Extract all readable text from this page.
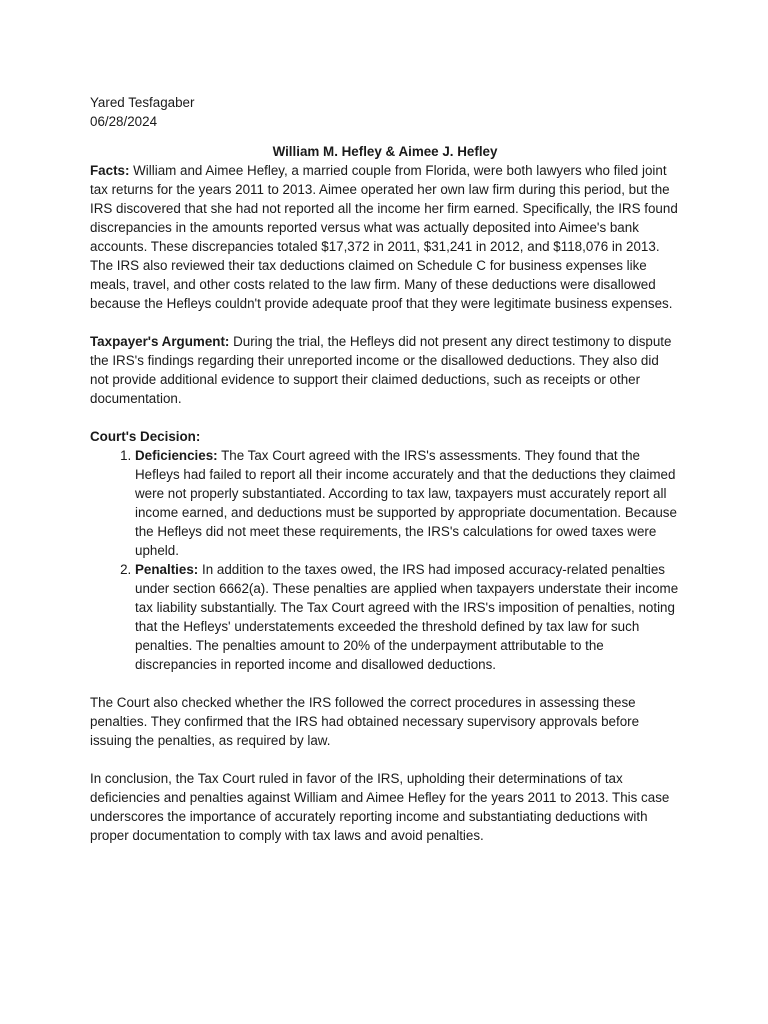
Yared Tesfagaber
06/28/2024
William M. Hefley & Aimee J. Hefley

Facts: William and Aimee Hefley, a married couple from Florida, were both lawyers who filed joint tax returns for the years 2011 to 2013. Aimee operated her own law firm during this period, but the IRS discovered that she had not reported all the income her firm earned. Specifically, the IRS found discrepancies in the amounts reported versus what was actually deposited into Aimee's bank accounts. These discrepancies totaled $17,372 in 2011, $31,241 in 2012, and $118,076 in 2013. The IRS also reviewed their tax deductions claimed on Schedule C for business expenses like meals, travel, and other costs related to the law firm. Many of these deductions were disallowed because the Hefleys couldn't provide adequate proof that they were legitimate business expenses.

Taxpayer's Argument: During the trial, the Hefleys did not present any direct testimony to dispute the IRS's findings regarding their unreported income or the disallowed deductions. They also did not provide additional evidence to support their claimed deductions, such as receipts or other documentation.

Court's Decision:

1. Deficiencies: The Tax Court agreed with the IRS's assessments. They found that the Hefleys had failed to report all their income accurately and that the deductions they claimed were not properly substantiated. According to tax law, taxpayers must accurately report all income earned, and deductions must be supported by appropriate documentation. Because the Hefleys did not meet these requirements, the IRS's calculations for owed taxes were upheld.
2. Penalties: In addition to the taxes owed, the IRS had imposed accuracy-related penalties under section 6662(a). These penalties are applied when taxpayers understate their income tax liability substantially. The Tax Court agreed with the IRS's imposition of penalties, noting that the Hefleys' understatements exceeded the threshold defined by tax law for such penalties. The penalties amount to 20% of the underpayment attributable to the discrepancies in reported income and disallowed deductions.

The Court also checked whether the IRS followed the correct procedures in assessing these penalties. They confirmed that the IRS had obtained necessary supervisory approvals before issuing the penalties, as required by law.

In conclusion, the Tax Court ruled in favor of the IRS, upholding their determinations of tax deficiencies and penalties against William and Aimee Hefley for the years 2011 to 2013. This case underscores the importance of accurately reporting income and substantiating deductions with proper documentation to comply with tax laws and avoid penalties.
